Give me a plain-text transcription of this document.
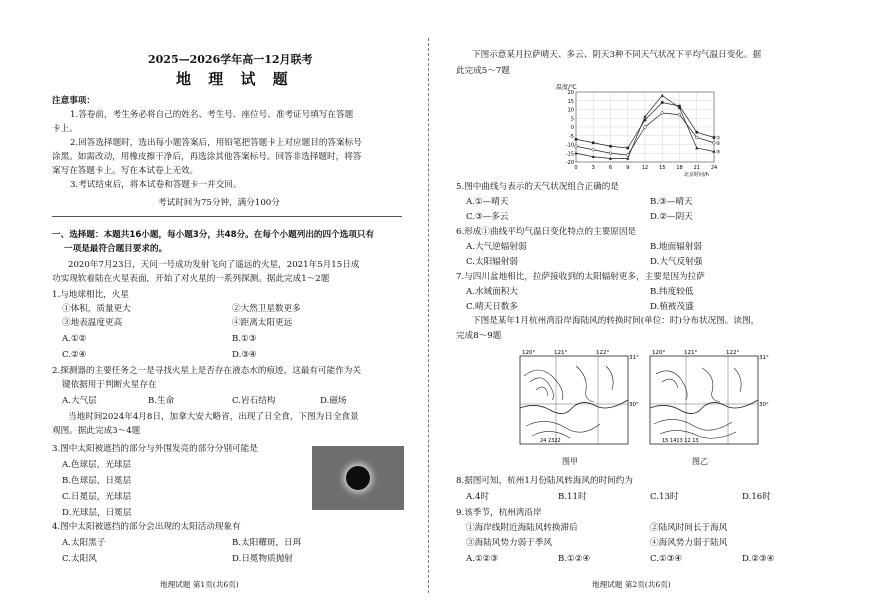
2025—2026学年高一12月联考
地 理 试 题
注意事项：
1.答卷前，考生务必将自己的姓名、考生号、座位号、准考证号填写在答题
卡上。
2.回答选择题时，选出每小题答案后，用铅笔把答题卡上对应题目的答案标号
涂黑。如需改动，用橡皮擦干净后，再选涂其他答案标号。回答非选择题时，将答
案写在答题卡上。写在本试卷上无效。
3.考试结束后，将本试卷和答题卡一并交回。
考试时间为75分钟，满分100分
一、选择题：本题共16小题，每小题3分，共48分。在每个小题列出的四个选项只有
一项是最符合题目要求的。
2020年7月23日，天问一号成功发射飞向了遥远的火星，2021年5月15日成
功实现软着陆在火星表面，开始了对火星的一系列探测。据此完成1～2题
1.与地球相比，火星
①体积，质量更大	②大然卫星数更多
③地表温度更高	④距离太阳更远
A.①②	B.①③
C.②④	D.③④
2.探测器的主要任务之一是寻找火星上是否存在液态水的痕迹，这最有可能作为关
键依据用于判断火星存在
A.大气层	B.生命	C.岩石结构	D.磁场
当地时间2024年4月8日，加拿大安大略省，出现了日全食，下图为日全食景
观图。据此完成3～4题
3.图中太阳被遮挡的部分与外围发亮的部分分别可能是
A.色球层，光球层
B.色球层，日冕层
C.日冕层，光球层
D.光球层，日冕层
4.图中太阳被遮挡的部分会出现的太阳活动现象有
A.太阳黑子	B.太阳耀斑，日珥
C.太阳风	D.日冕物质抛射
地理试题 第1页(共6页)
下图示意某月拉萨晴天、多云、阴天3种不同天气状况下平均气温日变化。据
此完成5～7题
温度/℃
20
15
10
5
0
-5
-10
-15
-20
0	3	6	9 12 15 18 21 24
①
②
③
北京时间/h
5.图中曲线与表示的天气状况组合正确的是
A.①—晴天	B.③—晴天
C.③—多云	D.②—阴天
6.形成①曲线平均气温日变化特点的主要原因是
A.大气逆辐射弱	B.地面辐射弱
C.太阳辐射弱	D.大气反射强
7.与四川盆地相比，拉萨接收到的太阳辐射更多，主要是因为拉萨
A.水域面积大	B.纬度较低
C.晴天日数多	D.植被茂盛
下图是某年1月杭州湾沿岸海陆风的转换时间(单位：时)分布状况图。读图，
完成8～9题
120°	121°	122°
31°
30°
24 2322
图甲
120°	121°	122°
31°
30°
15 1413 12 13
图乙
8.据图可知，杭州1月份陆风转海风的时间约为
A.4时	B.11时	C.13时	D.16时
9.该季节，杭州湾沿岸
①海岸线附近海陆风转换滞后	②陆风时间长于海风
③海陆风势力弱于季风	④海风势力弱于陆风
A.①②③	B.①②④	C.①③④	D.②③④
地理试题 第2页(共6页)
